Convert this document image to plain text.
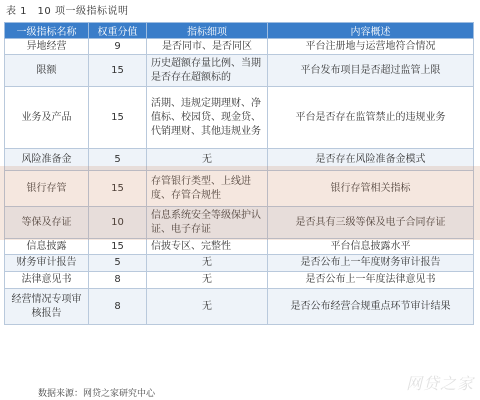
表 1　10 项一级指标说明
一级指标名称	权重分值	指标细项	内容概述
异地经营	9	是否同市、是否同区	平台注册地与运营地符合情况
限额	15	历史超额存量比例、当期是否存在超额标的	平台发布项目是否超过监管上限
业务及产品	15	活期、违规定期理财、净值标、校园贷、现金贷、代销理财、其他违规业务	平台是否存在监管禁止的违规业务
风险准备金	5	无	是否存在风险准备金模式
银行存管	15	存管银行类型、上线进度、存管合规性	银行存管相关指标
等保及存证	10	信息系统安全等级保护认证、电子存证	是否具有三级等保及电子合同存证
信息披露	15	信披专区、完整性	平台信息披露水平
财务审计报告	5	无	是否公布上一年度财务审计报告
法律意见书	8	无	是否公布上一年度法律意见书
经营情况专项审核报告	8	无	是否公布经营合规重点环节审计结果
数据来源：网贷之家研究中心
网贷之家
